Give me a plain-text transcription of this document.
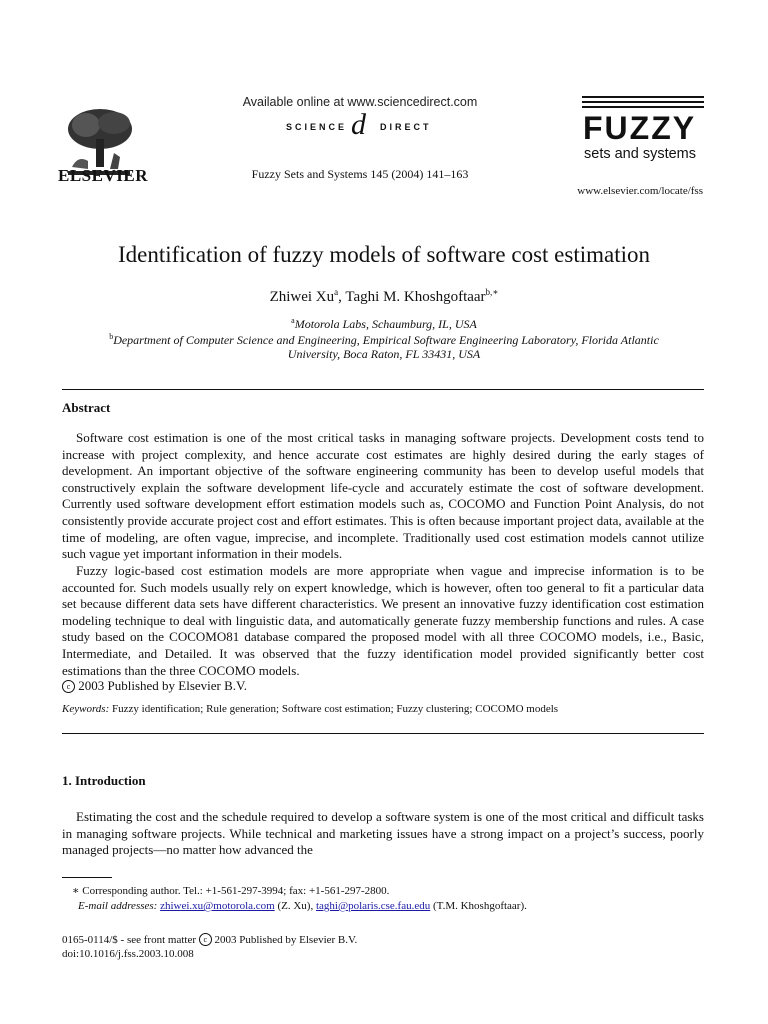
ELSEVIER
Available online at www.sciencedirect.com
SCIENCE d DIRECT
Fuzzy Sets and Systems 145 (2004) 141–163
FUZZY
sets and systems
www.elsevier.com/locate/fss
Identification of fuzzy models of software cost estimation
Zhiwei Xu$^a$, Taghi M. Khoshgoftaar$^{b,∗}$
$^a$Motorola Labs, Schaumburg, IL, USA
$^b$Department of Computer Science and Engineering, Empirical Software Engineering Laboratory, Florida Atlantic
University, Boca Raton, FL 33431, USA
Abstract

Software cost estimation is one of the most critical tasks in managing software projects. Development costs tend to increase with project complexity, and hence accurate cost estimates are highly desired during the early stages of development. An important objective of the software engineering community has been to develop useful models that constructively explain the software development life-cycle and accurately estimate the cost of software development. Currently used software development effort estimation models such as, COCOMO and Function Point Analysis, do not consistently provide accurate project cost and effort estimates. This is often because important project data, available at the time of modeling, are often vague, imprecise, and incomplete. Traditionally used cost estimation models cannot utilize such vague yet important information in their models.

Fuzzy logic-based cost estimation models are more appropriate when vague and imprecise information is to be accounted for. Such models usually rely on expert knowledge, which is however, often too general to fit a particular data set because different data sets have different characteristics. We present an innovative fuzzy identification cost estimation modeling technique to deal with linguistic data, and automatically generate fuzzy membership functions and rules. A case study based on the COCOMO81 database compared the proposed model with all three COCOMO models, i.e., Basic, Intermediate, and Detailed. It was observed that the fuzzy identification model provided significantly better cost estimations than the three COCOMO models.

c 2003 Published by Elsevier B.V.
Keywords: Fuzzy identification; Rule generation; Software cost estimation; Fuzzy clustering; COCOMO models
1. Introduction

Estimating the cost and the schedule required to develop a software system is one of the most critical and difficult tasks in managing software projects. While technical and marketing issues have a strong impact on a project’s success, poorly managed projects—no matter how advanced the

∗ Corresponding author. Tel.: +1-561-297-3994; fax: +1-561-297-2800.
E-mail addresses: zhiwei.xu@motorola.com (Z. Xu), taghi@polaris.cse.fau.edu (T.M. Khoshgoftaar).
0165-0114/$ - see front matter c 2003 Published by Elsevier B.V.
doi:10.1016/j.fss.2003.10.008
